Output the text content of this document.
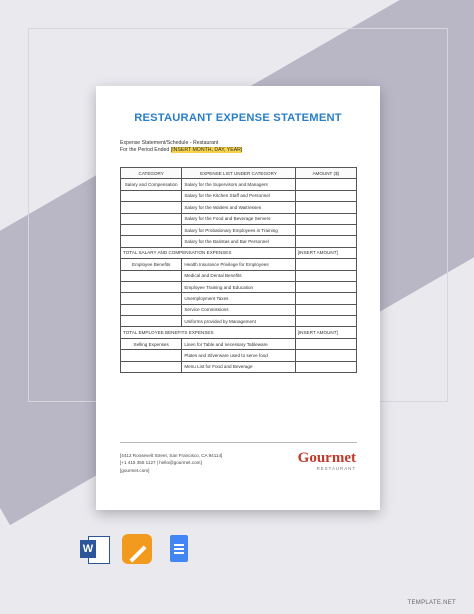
RESTAURANT EXPENSE STATEMENT
Expense Statement/Schedule - Restaurant
For the Period Ended [INSERT MONTH, DAY, YEAR]
CATEGORY	EXPENSE LIST UNDER CATEGORY	AMOUNT ($)
Salary and Compensation	Salary for the Supervisors and Managers	
	Salary for the Kitchen Staff and Personnel	
	Salary for the Waiters and Waitresses	
	Salary for the Food and Beverage Servers	
	Salary for Probationary Employees in Training	
	Salary for the Baristas and Bar Personnel	
TOTAL SALARY AND COMPENSATION EXPENSES		[INSERT AMOUNT]
Employee Benefits	Health Insurance Privilege for Employees	
	Medical and Dental Benefits	
	Employee Training and Education	
	Unemployment Taxes	
	Service Commissions	
	Uniforms provided by Management	
TOTAL EMPLOYEE BENEFITS EXPENSES		[INSERT AMOUNT]
Selling Expenses	Linen for Table and necessary Tableware	
	Plates and Silverware used to serve food	
	Menu List for Food and Beverage	
[4412 Roosevelt Street, San Francisco, CA 94114]
[+1 415 355 1127 | hello@gourmet.com]
[gourmet.com]
Gourmet
RESTAURANT
W
TEMPLATE.NET
